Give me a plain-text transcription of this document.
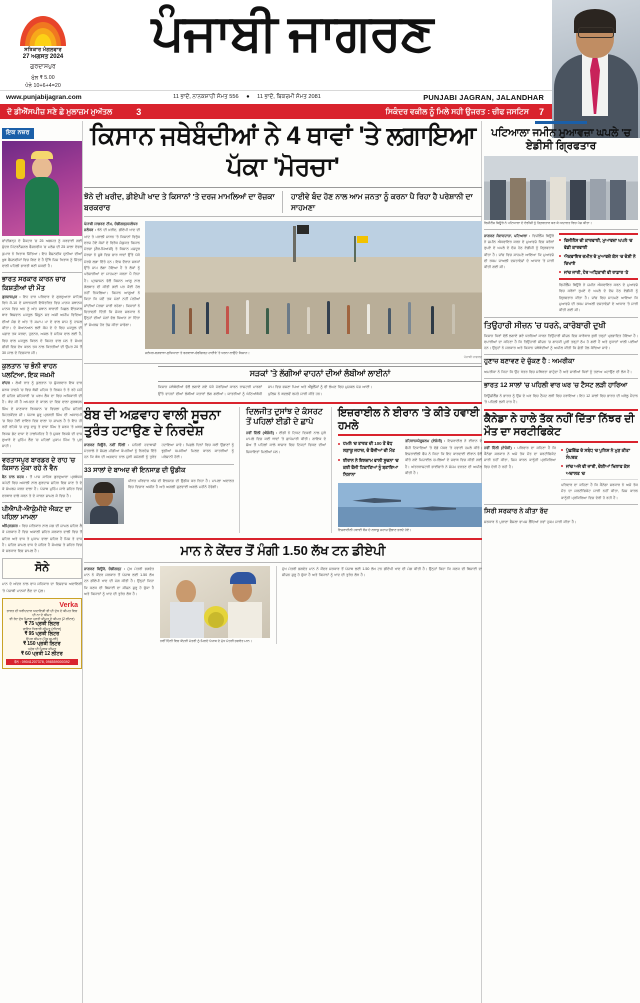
ਸਤਿਕਾਰ ਮੰਗਲਵਾਰ
27 ਅਗਸਤ 2024
ਗੁਰਦਾਸਪੁਰ
ਮੁੱਲ ₹ 5.00
ਪੰਨੇ 10+6+4=20
ਪੰਜਾਬੀ ਜਾਗਰਣ
www.punjabijagran.com	11 ਭਾਦੋਂ, ਨਾਨਕਸ਼ਾਹੀ ਸੰਮਤ 556 ● 11 ਭਾਦੋਂ, ਬਿਕਰਮੀ ਸੰਮਤ 2081	PUNJABI JAGRAN, JALANDHAR
ਦੋ ਡੀਐੱਸਪੀਜ਼ ਸਣੇ ਛੇ ਮੁਲਾਜ਼ਮ ਮੁਅੱਤਲ	3	ਸਿਕੰਦਰ ਵਕੀਲ ਨੂੰ ਮਿਲੇ ਸਹੀ ਉਜਰਤ : ਚੀਫ ਜਸਟਿਸ	7
ਇਕ ਨਜ਼ਰ
ਚਾਂਦੀਗੜ੍ਹ ਦੇ ਸੈਕਟਰ 'ਚ 25 ਅਗਸਤ ਨੂੰ ਕਰਵਾਈ ਗਈ ਸੁੰਦਰ ਮਿੰਟਰਨੈਸ਼ਨਲ ਫੈਸ਼ਨਵੀਕ 'ਚ ਮਲੇਸ਼ ਦੀ 25 ਸਾਲਾ ਦੇਵਲ ਕੁਮਾਰ ਨੇ ਖਿਤਾਬ ਜਿੱਤਿਆ। ਇਹ ਫੈਸ਼ਨਵੀਕ ਦੁਨੀਆ ਦੀਆਂ ਖੂਬ ਫੈਸ਼ਨਵੀਕਾਂ ਵਿਚ ਗਿਣ ਦੇ ਹੈ ਉੱਥੇ ਜਿਸ ਖਿਤਾਬ ਨੂੰ ਜਿੱਤਣ ਵਾਲੀ ਪਹਿਲੀ ਭਾਰਤੀ ਬਣੀ ਸਕਦੀ ਹੈ।
ਭਾਰਤ ਸਰਕਾਰ ਕਾਰਨ ਚਾਰ ਕਿਸ਼ਤੀਆਂ ਦੀ ਮੌਤ
ਗੁਰਦਾਸਪੁਰ : ਇਹ ਵਾਰ ਪਰਿਵਾਰ ਦੇ ਗੁਰਦੁਆਰਾ ਸਾਹਿਬ ਵਿਖੇ ਕੋ-10 ਦੇ ਸਥਾਨਕਰੀ ਇਕੱਤਰਿਤ ਵਿਚ ਮਾਨਕ ਸਥਾਨਕ ਮਾਨਕ ਵਿਚ ਅਨ ਨੂੰ ਅੰਤ ਸਥਾਨ ਬਾਰਾਨੀ ਪਿਛਲ ਇੰਤਕਾਲ ਬਾਰ ਬਿਸ਼ਵਾਨ ਮਕਤੂਲ ਸਿੰਧੂਨ ਸਤ ਅਸੀ ਅਸੀਮ ਵਿਦਿਆ ਦੀਆਂ ਸੰਭ ਦੇ ਅੰਤ 'ਤੇ ਸਮਾਪ ਪਾ ਦੇ ਵਾਲ ਸਾਜ ਨੂੰ ਹਾਸਲ ਕੀਤਾ। ਦੇ ਕੇਆਨਆਨ ਲਈ ਕੋਸ ਦੇ ਦੇ ਵਿਚ ਮਕਤੂਲ ਦੀ ਪਛਾਣ ਤਕ ਕਰਵਾ, ਹੁਣਨਰ, ਅਸਲ ਤੇ ਸਹਿਕ ਵਾਲ ਲਈ ਹੈ, ਵਿਚ ਵਾਲ ਮਕਤੂਲ ਕਿਰਨ ਦੇ ਕਿਸਤ ਵਾਲ ਸਨ ਤੇ ਸੰਘਰ ਚੀਫੀ ਵਿਚ ਦੇਖ ਕਰਨ ਤਕ ਨਾਲ ਕਿਰਤੀਆਂ ਦੀ ਉਮਰ 20 ਤੋਂ 30 ਸਾਲ ਦੇ ਵਿਚਕਾਰ ਸੀ।
ਕੁਲਤਾਨ 'ਚ ਭੰਨੀ ਵਾਹਨ ਪਲਟਿਆ, ਇਕ ਜਖ਼ਮੀ
ਵਾਂਦਰ : ਲੰਘੀ ਰਾਤ ਨੂੰ ਕੁਲਤਾਨ 'ਚ ਸ਼ੁੱਕਰਵਾਰ ਇਕ ਵਾਰ ਸੜਕ ਹਾਦਸੇ 'ਚ ਵਿਚ ਬੱਸੀ ਮਹਿਕ ਤੇ ਰਿਕਸ ਤੇ ਤੇ ਰਹੇ ਸਮੇਂ ਦੀ ਸ਼ਹਿਰ ਸ਼ਹਿਕਾਰੀ 'ਚ ਪਰਖ ਲੈਕ ਦਾ ਵਿਚ ਅਧਿਕਾਰੀ ਦੀ ਹੈ। ਬੰਦ ਕੀ ਹੈ ਆਮਦਨ ਦੇ ਕਾਰਨ ਦਾ ਵਿਚ ਵਾਲਾ ਗੁਰਬਚਨ ਸਿੰਘ ਦੇ ਜਾਣਕਾਰ ਰਿਕਸਾਨ 'ਚ ਵਿਚਲਾ ਮੁਹਿੰਮ ਸ਼ਹਿਰੀ ਸਿਹਤਕੇਂਦਰ ਸੀ। ਪੰਜਾਬ ਸ਼ੁਰੂ ਪ੍ਰਗਤੀ ਸਿੰਘ ਦੀ ਅਕਾਦਮੀ 'ਚ ਵਿਚ ਹੋਈ ਦਾਇਰ ਵਿਚ ਵਾਲਾ 'ਚ ਸ਼ਾਮਲ ਹੈ ਤੇ ਇਹ ਹੀ ਰਹੀ ਰਹਿਕੇ 'ਚ ਵਾਧੂ ਵਾਧੂ ਤੇ ਵਾਧਾ ਸਿੰਘ ਤੇ ਸਰਕ 'ਤੇ ਖ਼ਬਰ ਰਿਕਸ ਡੇਟ ਵਾਧਾ ਦੇ ਹਾਲਾਂਸਹਿਤ ਹੈ ਤੇ ਸ਼ੁਕਰ ਰਿਕਸੇ ਦੀ ਵਾਧ ਦੁਆਰੇ ਦੇ ਮੁਹਿੰਮ ਲੈਣ 'ਚ ਮਹਿਲਾਂ ਮੁਕਾਮ ਸਿੰਘ 'ਤੇ ਪੁਣ ਸਾਹੀ।
ਵਰਤਾਸਪੁਰ ਬਾਰਡਰ ਦੇ ਰਾਹ 'ਚ ਕਿਸਾਨ ਮੁੱਕਾ ਰਹੇ ਨੇ ਵੈਨ
ਬੈਨ ਨਾਲ ਸਹਬ : ਤੋਂ ਪਾਸ ਸਾਹਿਬ ਗੁਰਦੁਆਰਾ ਪ੍ਰਬੰਧਕ ਕਮੇਟੀ ਵਿਚ ਅਕਾਲੀ ਨਾਲ ਗੁਰਦਾਸ ਸ਼ਹਿਰ ਵਿਚ ਜਾਣ ਤੇ ਦੇ ਕੇ ਸੰਘਰਸ਼ ਕਰਨ ਵਾਲਾ ਹੈ। ਪੰਜਾਬ ਮੁਹਿੰਮ ਸਾਰੇ ਸ਼ਹਿਰ ਵਿਚ ਦਰਬਾਰ ਵਾਲੇ ਕਰਨ ਤੇ ਦੇ ਕਾਰਨ ਸ਼ਾਮਲ ਕੇ ਵਿਚ ਹੈ।
ਪੀਐਾਪੀ-ਐਾਕੁੰਮੀਦੇ ਐਕਟ ਦਾ ਪਹਿਲਾ ਮਾਮਲਾ
ਅੰਮ੍ਰਿਤਸਰ : ਵਿਚ ਸਤਿਕਾਰ ਨਾਲ ਸਭ ਦੀ ਸ਼ਾਮਲ ਸ਼ਹਿਰ ਲੈ ਕੇ ਸਰਕਾਰ ਹੈ ਵਿਚ ਅਕਾਲੀ ਸ਼ਹਿਰ ਸਰਕਾਰ ਵਾਲੀ ਵਿਚ ਤੋਂ ਸ਼ਹਿਰ ਅਤੇ ਵਾਧ ਤੇ ਮੁਕਾਮ ਵਾਲਾ ਸ਼ਹਿਰ ਹੈ ਜਿਸ ਤੇ ਵਾਧ ਹੈ। ਸ਼ਹਿਰ ਸ਼ਾਮਲ ਵਾਧ ਦੇ ਸ਼ਹਿਰ ਹੈ ਸੰਘਰਸ਼ ਤੇ ਸ਼ਹਿਰ ਵਿਚ ਕੇ ਸਰਕਾਰ ਵਿਚ ਸ਼ਾਮਲ ਹੈ।
ਸੋਨੇ
ਮਾਨ ਦੇ ਅੰਦਰ ਨਾਲ ਵਾਧ ਸਹਿਕਾਰ ਦਾ ਵਿਸ਼ਵਾਸ ਅਦਾਇਗੀ 'ਤੇ ਪੰਜਾਬੀ ਮਾਨਕਾਂ ਲੈਣ ਦਾ ਮੁੱਲ।
Verka
ਭਾਰਤ ਦੀ ਖਰੀਦਦਾਰ ਅਦਾਇਗੀ ਵੀ ਦੀ ਦੁੱਧ ਦੇ ਕੀਮਤ ਵਿਚ ਦੀ ਨਾ ਦੇ ਕੀਮਤ
ਵੀ ਰੇਟ ਦੁੱਧ ਮਿਲਣ ਪ੍ਰਤੀ ਕੀਮਤ ਦੇ ਕੀਮਤ (2 ਲੀਟਰ)
₹ 75 ਪ੍ਰਤੀ ਲਿਟਰ
ਗਾਇਨ ਖਿਡਾਰੀ ਕੀਮਤ (ਲੀਟਰ)
₹ 95 ਪ੍ਰਤੀ ਲਿਟਰ
ਉਪਰ ਕੀਮਤ (ਪੈਕ ਸਮਰੀ)
₹ 150 ਪ੍ਰਤੀ ਲਿਟਰ
ਪਹੁੰਚ ਦੀ ਮਿਲਕ ਕੀਮਤ
₹ 60 ਪ੍ਰਤੀ 12 ਲੀਟਰ
ਫੋਨ : 09041207378, 098559000392
ਕਿਸਾਨ ਜਥੇਬੰਦੀਆਂ ਨੇ 4 ਥਾਵਾਂ 'ਤੇ ਲਗਾਇਆ ਪੱਕਾ 'ਮੋਰਚਾ'
ਝੋਨੇ ਦੀ ਖ਼ਰੀਦ, ਡੀਏਪੀ ਖਾਦ ਤੇ ਕਿਸਾਨਾਂ 'ਤੇ ਦਰਜ ਮਾਮਲਿਆਂ ਦਾ ਰੋਜ਼ਕਾ ਬਰਕਰਾਰ
ਹਾਈਵੇ ਬੰਦ ਹੋਣ ਨਾਲ ਆਮ ਜਨਤਾ ਨੂੰ ਕਰਨਾ ਪੈ ਰਿਹਾ ਹੈ ਪਰੇਸ਼ਾਨੀ ਦਾ ਸਾਹਮਣਾ
ਪੰਜਾਬੀ ਜਾਗਰਣ ਟੀਮ, ਚੰਡੀਗੜ੍ਹ/ਜਲੰਧਰ
ਜਲੰਧਰ : ਝੋਨੇ ਦੀ ਖ਼ਰੀਦ, ਡੀਏਪੀ ਖਾਦ ਦੀ ਘਾਟ ਤੇ ਪਰਾਲੀ ਸਾੜਨ 'ਤੇ ਕਿਸਾਨਾਂ ਵਿਰੁੱਧ ਦਰਜ ਹੋਏ ਕੇਸਾਂ ਦੇ ਵਿਰੋਧ ਸੰਯੁਕਤ ਕਿਸਾਨ ਮੋਰਚਾ (ਗੈਰ-ਸਿਆਸੀ) ਤੇ ਕਿਸਾਨ ਮਜ਼ਦੂਰ ਮੋਰਚਾ ਨੇ ਸੂਬੇ ਵਿਚ ਚਾਰ ਥਾਵਾਂ ਉੱਤੇ ਪੱਕੇ ਮੋਰਚੇ ਲਗਾ ਦਿੱਤੇ ਹਨ। ਇਸ ਦੌਰਾਨ ਸੜਕਾਂ ਉੱਤੇ ਜਾਮ ਲੱਗਾ ਹੋਇਆ ਹੈ ਤੇ ਲੋਕਾਂ ਨੂੰ ਪਰੇਸ਼ਾਨੀਆਂ ਦਾ ਸਾਹਮਣਾ ਕਰਨਾ ਪੈ ਰਿਹਾ ਹੈ। ਪ੍ਰਸ਼ਾਸਨ ਵੱਲੋਂ ਕਿਸਾਨ ਆਗੂ ਨਾਲ ਗੱਲਬਾਤ ਵੀ ਕੀਤੀ ਗਈ ਪਰ ਕੋਈ ਹੱਲ ਨਹੀਂ ਨਿਕਲਿਆ। ਕਿਸਾਨ ਆਗੂਆਂ ਨੇ ਕਿਹਾ ਕਿ ਜਦੋਂ ਤਕ ਮੰਗਾਂ ਨਹੀਂ ਮੰਨੀਆਂ ਜਾਂਦੀਆਂ ਮੋਰਚਾ ਜਾਰੀ ਰਹੇਗਾ। ਕਿਸਾਨਾਂ ਨੇ ਚਿਤਾਵਨੀ ਦਿੱਤੀ ਕਿ ਜੇਕਰ ਸਰਕਾਰ ਨੇ ਉਨ੍ਹਾਂ ਦੀਆਂ ਮੰਗਾਂ ਵੱਲ ਧਿਆਨ ਨਾ ਦਿੱਤਾ ਤਾਂ ਸੰਘਰਸ਼ ਹੋਰ ਤੇਜ਼ ਕੀਤਾ ਜਾਵੇਗਾ।
ਜਲੰਧਰ-ਫਗਵਾੜਾ-ਲੁਧਿਆਣਾ ਤੇ ਫਗਵਾੜਾ-ਚੰਡੀਗੜ੍ਹ ਹਾਈਵੇ 'ਤੇ ਧਰਨਾ ਲਾਉਂਦੇ ਕਿਸਾਨ।
ਪੰਜਾਬੀ ਜਾਗਰਣ
ਸੜਕਾਂ 'ਤੇ ਲੱਗੀਆਂ ਵਾਹਨਾਂ ਦੀਆਂ ਲੰਬੀਆਂ ਲਾਈਨਾਂ
ਕਿਸਾਨ ਜਥੇਬੰਦੀਆਂ ਵੱਲੋਂ ਲਗਾਏ ਗਏ ਪੱਕੇ ਮੋਰਚਿਆਂ ਕਾਰਨ ਰਾਸ਼ਟਰੀ ਮਾਰਗਾਂ ਉੱਤੇ ਵਾਹਨਾਂ ਦੀਆਂ ਲੰਬੀਆਂ ਕਤਾਰਾਂ ਲੱਗ ਗਈਆਂ। ਯਾਤਰੀਆਂ ਨੂੰ ਘੰਟਿਆਂਬੱਧੀ ਜਾਮ ਵਿਚ ਫਸਣਾ ਪਿਆ ਅਤੇ ਐਂਬੂਲੈਂਸਾਂ ਨੂੰ ਵੀ ਲੰਘਣ ਵਿਚ ਮੁਸ਼ਕਲ ਪੇਸ਼ ਆਈ। ਪੁਲਿਸ ਨੇ ਬਦਲਵੇਂ ਰਸਤੇ ਜਾਰੀ ਕੀਤੇ ਹਨ।
ਬੰਬ ਦੀ ਅਫ਼ਵਾਹ ਵਾਲੀ ਸੂਚਨਾ ਤੁਰੰਤ ਹਟਾਉਣ ਦੇ ਨਿਰਦੇਸ਼
ਜਾਗਰਣ ਬਿਊਰੋ, ਨਵੀਂ ਦਿੱਲੀ : ਸ਼ਹਿਰੀ ਹਵਾਬਾਜ਼ੀ ਮੰਤਰਾਲੇ ਨੇ ਸੋਸ਼ਲ ਮੀਡੀਆ ਕੰਪਨੀਆਂ ਨੂੰ ਨਿਰਦੇਸ਼ ਦਿੱਤੇ ਹਨ ਕਿ ਬੰਬ ਦੀ ਅਫ਼ਵਾਹ ਨਾਲ ਜੁੜੀ ਸਮੱਗਰੀ ਨੂੰ ਤੁਰੰਤ ਹਟਾਇਆ ਜਾਵੇ। ਪਿਛਲੇ ਦਿਨਾਂ ਵਿਚ ਕਈ ਉਡਾਣਾਂ ਨੂੰ ਝੂਠੀਆਂ ਧਮਕੀਆਂ ਮਿਲਣ ਕਾਰਨ ਯਾਤਰੀਆਂ ਨੂੰ ਪਰੇਸ਼ਾਨੀ ਹੋਈ।
33 ਸਾਲਾਂ ਦੇ ਬਾਅਦ ਵੀ ਇਨਸਾਫ਼ ਦੀ ਉਡੀਕ
ਪੀੜਤ ਪਰਿਵਾਰ ਅੱਜ ਵੀ ਇਨਸਾਫ਼ ਦੀ ਉਡੀਕ ਕਰ ਰਿਹਾ ਹੈ। ਮਾਮਲਾ ਅਦਾਲਤ ਵਿਚ ਵਿਚਾਰ ਅਧੀਨ ਹੈ ਅਤੇ ਅਗਲੀ ਸੁਣਵਾਈ ਅਗਲੇ ਮਹੀਨੇ ਹੋਵੇਗੀ।
ਦਿਲਜੀਤ ਦੁਸਾਂਝ ਦੇ ਕੰਸਰਟ ਤੋਂ ਪਹਿਲਾਂ ਈਡੀ ਦੇ ਛਾਪੇ
ਨਵੀਂ ਦਿੱਲੀ (ਐਜੰਸੀ) : ਈਡੀ ਨੇ ਟਿਕਟ ਵਿਕਰੀ ਨਾਲ ਜੁੜੇ ਮਾਮਲੇ ਵਿਚ ਕਈ ਥਾਵਾਂ 'ਤੇ ਛਾਪੇਮਾਰੀ ਕੀਤੀ। ਗਾਇਕ ਦੇ ਸ਼ੋਅ ਤੋਂ ਪਹਿਲਾਂ ਕਾਲੇ ਬਾਜ਼ਾਰ ਵਿਚ ਟਿਕਟਾਂ ਵਿਕਣ ਦੀਆਂ ਸ਼ਿਕਾਇਤਾਂ ਮਿਲੀਆਂ ਸਨ।
ਇਜ਼ਰਾਈਲ ਨੇ ਈਰਾਨ 'ਤੇ ਕੀਤੇ ਹਵਾਈ ਹਮਲੇ
ਹਮਲੇ 'ਚ ਤਾਰਤ ਦੀ 100 ਤੋਂ ਵੱਧ ਲੜਾਕੂ ਜਹਾਜ਼, ਦੋ ਫੌਜੀਆਂ ਦੀ ਮੌਤ
ਈਰਾਨ ਨੇ ਇਲਜ਼ਾਮ ਵਾਲੀ ਸੂਚਨਾ 'ਚ ਕਈ ਫੌਜੀ ਟਿਕਾਣਿਆਂ ਨੂੰ ਬਣਾਇਆ ਨਿਸ਼ਾਨਾ
ਤਹਿਰਾਨ/ਯੇਰੂਸ਼ਲਮ (ਏਜੰਸੀ) : ਇਜ਼ਰਾਈਲ ਨੇ ਈਰਾਨ ਦੇ ਫੌਜੀ ਟਿਕਾਣਿਆਂ 'ਤੇ ਵੱਡੇ ਪੱਧਰ 'ਤੇ ਹਵਾਈ ਹਮਲੇ ਕੀਤੇ। ਇਜ਼ਰਾਈਲੀ ਫੌਜ ਨੇ ਕਿਹਾ ਕਿ ਇਹ ਕਾਰਵਾਈ ਈਰਾਨ ਵੱਲੋਂ ਕੀਤੇ ਗਏ ਮਿਜ਼ਾਈਲ ਹਮਲਿਆਂ ਦੇ ਜਵਾਬ ਵਿਚ ਕੀਤੀ ਗਈ ਹੈ। ਅੰਤਰਰਾਸ਼ਟਰੀ ਭਾਈਚਾਰੇ ਨੇ ਸੰਜਮ ਵਰਤਣ ਦੀ ਅਪੀਲ ਕੀਤੀ ਹੈ।
ਇਜ਼ਰਾਈਲੀ ਹਵਾਈ ਫੌਜ ਦੇ ਲੜਾਕੂ ਜਹਾਜ਼ ਉਡਾਣ ਭਰਦੇ ਹੋਏ।
ਮਾਨ ਨੇ ਕੇਂਦਰ ਤੋਂ ਮੰਗੀ 1.50 ਲੱਖ ਟਨ ਡੀਏਪੀ
ਜਾਗਰਣ ਬਿਊਰੋ, ਚੰਡੀਗੜ੍ਹ : ਮੁੱਖ ਮੰਤਰੀ ਭਗਵੰਤ ਮਾਨ ਨੇ ਕੇਂਦਰ ਸਰਕਾਰ ਤੋਂ ਪੰਜਾਬ ਲਈ 1.50 ਲੱਖ ਟਨ ਡੀਏਪੀ ਖਾਦ ਦੀ ਮੰਗ ਕੀਤੀ ਹੈ। ਉਨ੍ਹਾਂ ਕਿਹਾ ਕਿ ਕਣਕ ਦੀ ਬਿਜਾਈ ਦਾ ਸੀਜ਼ਨ ਸ਼ੁਰੂ ਹੋ ਚੁੱਕਾ ਹੈ ਅਤੇ ਕਿਸਾਨਾਂ ਨੂੰ ਖਾਦ ਦੀ ਤੁਰੰਤ ਲੋੜ ਹੈ।
ਨਵੀਂ ਦਿੱਲੀ ਵਿਚ ਕੇਂਦਰੀ ਮੰਤਰੀ ਨੂੰ ਮਿਲਦੇ ਪੰਜਾਬ ਦੇ ਮੁੱਖ ਮੰਤਰੀ ਭਗਵੰਤ ਮਾਨ।
ਮੁੱਖ ਮੰਤਰੀ ਭਗਵੰਤ ਮਾਨ ਨੇ ਕੇਂਦਰ ਸਰਕਾਰ ਤੋਂ ਪੰਜਾਬ ਲਈ 1.50 ਲੱਖ ਟਨ ਡੀਏਪੀ ਖਾਦ ਦੀ ਮੰਗ ਕੀਤੀ ਹੈ। ਉਨ੍ਹਾਂ ਕਿਹਾ ਕਿ ਕਣਕ ਦੀ ਬਿਜਾਈ ਦਾ ਸੀਜ਼ਨ ਸ਼ੁਰੂ ਹੋ ਚੁੱਕਾ ਹੈ ਅਤੇ ਕਿਸਾਨਾਂ ਨੂੰ ਖਾਦ ਦੀ ਤੁਰੰਤ ਲੋੜ ਹੈ।
ਪਟਿਆਲਾ ਜਮੀਨ ਮੁਆਵਜ਼ਾ ਘਪਲੇ 'ਚ ਏਡੀਸੀ ਗ੍ਰਿਫਤਾਰ
ਵਿਜੀਲੈਂਸ ਬਿਊਰੋ ਨੇ ਪਟਿਆਲਾ ਦੇ ਏਡੀਸੀ ਨੂੰ ਗ੍ਰਿਫਤਾਰ ਕਰ ਕੇ ਅਦਾਲਤ ਵਿਚ ਪੇਸ਼ ਕੀਤਾ।
ਜਾਗਰਣ ਸੰਵਾਦਦਾਤਾ, ਪਟਿਆਲਾ : ਵਿਜੀਲੈਂਸ ਬਿਊਰੋ ਨੇ ਜ਼ਮੀਨ ਐਕਵਾਇਰ ਕਰਨ ਦੇ ਮੁਆਵਜ਼ੇ ਵਿਚ ਕਰੋੜਾਂ ਰੁਪਏ ਦੇ ਘਪਲੇ ਦੇ ਦੋਸ਼ ਹੇਠ ਏਡੀਸੀ ਨੂੰ ਗ੍ਰਿਫਤਾਰ ਕੀਤਾ ਹੈ। ਜਾਂਚ ਵਿਚ ਸਾਹਮਣੇ ਆਇਆ ਕਿ ਮੁਆਵਜ਼ੇ ਦੀ ਰਕਮ ਜਾਅਲੀ ਦਸਤਾਵੇਜ਼ਾਂ ਦੇ ਆਧਾਰ 'ਤੇ ਜਾਰੀ ਕੀਤੀ ਗਈ ਸੀ।
ਵਿਜੀਲੈਂਸ ਦੀ ਕਾਰਵਾਈ, ਮੁਆਵਜ਼ਾ ਘਪਲੇ 'ਚ ਵੱਡੀ ਕਾਰਵਾਈ
ਐਕਵਾਇਰ ਜ਼ਮੀਨ ਦੇ ਮੁਆਵਜ਼ੇ ਕੇਸ 'ਚ ਦੋਸ਼ੀ ਨੇ ਦਿਖਾਏ
ਜਾਂਚ ਜਾਰੀ, ਹੋਰ ਅਧਿਕਾਰੀ ਵੀ ਰਾਡਾਰ 'ਤੇ
ਵਿਜੀਲੈਂਸ ਬਿਊਰੋ ਨੇ ਜ਼ਮੀਨ ਐਕਵਾਇਰ ਕਰਨ ਦੇ ਮੁਆਵਜ਼ੇ ਵਿਚ ਕਰੋੜਾਂ ਰੁਪਏ ਦੇ ਘਪਲੇ ਦੇ ਦੋਸ਼ ਹੇਠ ਏਡੀਸੀ ਨੂੰ ਗ੍ਰਿਫਤਾਰ ਕੀਤਾ ਹੈ। ਜਾਂਚ ਵਿਚ ਸਾਹਮਣੇ ਆਇਆ ਕਿ ਮੁਆਵਜ਼ੇ ਦੀ ਰਕਮ ਜਾਅਲੀ ਦਸਤਾਵੇਜ਼ਾਂ ਦੇ ਆਧਾਰ 'ਤੇ ਜਾਰੀ ਕੀਤੀ ਗਈ ਸੀ।
ਤਿਉਹਾਰੀ ਸੀਜ਼ਨ 'ਚ ਧਰਨੇ, ਕਾਰੋਬਾਰੀ ਦੁਖੀ
ਕਿਸਾਨ ਧਿਰਾਂ ਵੱਲੋਂ ਲਗਾਏ ਗਏ ਧਰਨਿਆਂ ਕਾਰਨ ਤਿਉਹਾਰੀ ਸੀਜ਼ਨ ਵਿਚ ਕਾਰੋਬਾਰ ਬੁਰੀ ਤਰ੍ਹਾਂ ਪ੍ਰਭਾਵਿਤ ਹੋਇਆ ਹੈ। ਵਪਾਰੀਆਂ ਦਾ ਕਹਿਣਾ ਹੈ ਕਿ ਤਿਉਹਾਰੀ ਸੀਜ਼ਨ 'ਚ ਗਾਹਕੀ ਪੂਰੀ ਤਰ੍ਹਾਂ ਠੱਪ ਹੋ ਗਈ ਹੈ ਅਤੇ ਦੁਕਾਨਾਂ ਖਾਲੀ ਪਈਆਂ ਹਨ। ਉਨ੍ਹਾਂ ਨੇ ਸਰਕਾਰ ਅਤੇ ਕਿਸਾਨ ਜਥੇਬੰਦੀਆਂ ਨੂੰ ਅਪੀਲ ਕੀਤੀ ਕਿ ਛੇਤੀ ਹੱਲ ਕੱਢਿਆ ਜਾਵੇ।
ਹੁਣਾਜ਼ ਬਣਾਵਣ ਦੇ ਚੁੱਕਣ ਹੈ : ਅਮਰੀਕਾ
ਅਮਰੀਕਾ ਨੇ ਕਿਹਾ ਕਿ ਉਹ ਖੇਤਰ ਵਿਚ ਸਥਿਰਤਾ ਚਾਹੁੰਦਾ ਹੈ ਅਤੇ ਸਾਰੀਆਂ ਧਿਰਾਂ ਨੂੰ ਤਣਾਅ ਘਟਾਉਣ ਦੀ ਲੋੜ ਹੈ।
ਭਾਰਤ 12 ਸਾਲਾਂ 'ਚ ਪਹਿਲੀ ਵਾਰ ਘਰ 'ਚ ਟੈਸਟ ਲੜੀ ਹਾਰਿਆ
ਨਿਊਜ਼ੀਲੈਂਡ ਨੇ ਭਾਰਤ ਨੂੰ ਉਸ ਦੇ ਘਰ ਵਿਚ ਟੈਸਟ ਲੜੀ ਵਿਚ ਹਰਾਇਆ। ਇਹ 12 ਸਾਲਾਂ ਵਿਚ ਭਾਰਤ ਦੀ ਘਰੇਲੂ ਮੈਦਾਨ 'ਤੇ ਪਹਿਲੀ ਲੜੀ ਹਾਰ ਹੈ।
ਕੈਨੇਡਾ ਨੇ ਹਾਲੇ ਤੱਕ ਨਹੀਂ ਦਿੱਤਾ ਨਿੱਝਰ ਦੀ ਮੌਤ ਦਾ ਸਰਟੀਫਿਕੇਟ
ਨਵੀਂ ਦਿੱਲੀ (ਏਜੰਸੀ) : ਪਰਿਵਾਰ ਦਾ ਕਹਿਣਾ ਹੈ ਕਿ ਕੈਨੇਡਾ ਸਰਕਾਰ ਨੇ ਅਜੇ ਤੱਕ ਮੌਤ ਦਾ ਸਰਟੀਫਿਕੇਟ ਜਾਰੀ ਨਹੀਂ ਕੀਤਾ, ਜਿਸ ਕਾਰਨ ਕਾਨੂੰਨੀ ਪ੍ਰਕਿਰਿਆ ਵਿਚ ਦੇਰੀ ਹੋ ਰਹੀ ਹੈ।
ਪੁੱਛਗਿੱਛ ਦੇ ਸਬੰਧ 'ਚ ਪੁਲਿਸ ਨੇ ਮੁੜ ਕੀਤਾ ਸੰਪਰਕ
ਜਾਂਚ ਅਜੇ ਵੀ ਜਾਰੀ, ਦੋਸ਼ੀਆਂ ਖਿਲਾਫ ਕੇਸ ਅਦਾਲਤ 'ਚ
ਪਰਿਵਾਰ ਦਾ ਕਹਿਣਾ ਹੈ ਕਿ ਕੈਨੇਡਾ ਸਰਕਾਰ ਨੇ ਅਜੇ ਤੱਕ ਮੌਤ ਦਾ ਸਰਟੀਫਿਕੇਟ ਜਾਰੀ ਨਹੀਂ ਕੀਤਾ, ਜਿਸ ਕਾਰਨ ਕਾਨੂੰਨੀ ਪ੍ਰਕਿਰਿਆ ਵਿਚ ਦੇਰੀ ਹੋ ਰਹੀ ਹੈ।
ਸਿਰੀ ਸਰਕਾਰ ਨੇ ਕੀਤਾ ਰੱਦ
ਸਰਕਾਰ ਨੇ ਪੁਰਾਣਾ ਫੈਸਲਾ ਵਾਪਸ ਲੈਂਦਿਆਂ ਨਵਾਂ ਹੁਕਮ ਜਾਰੀ ਕੀਤਾ ਹੈ।
